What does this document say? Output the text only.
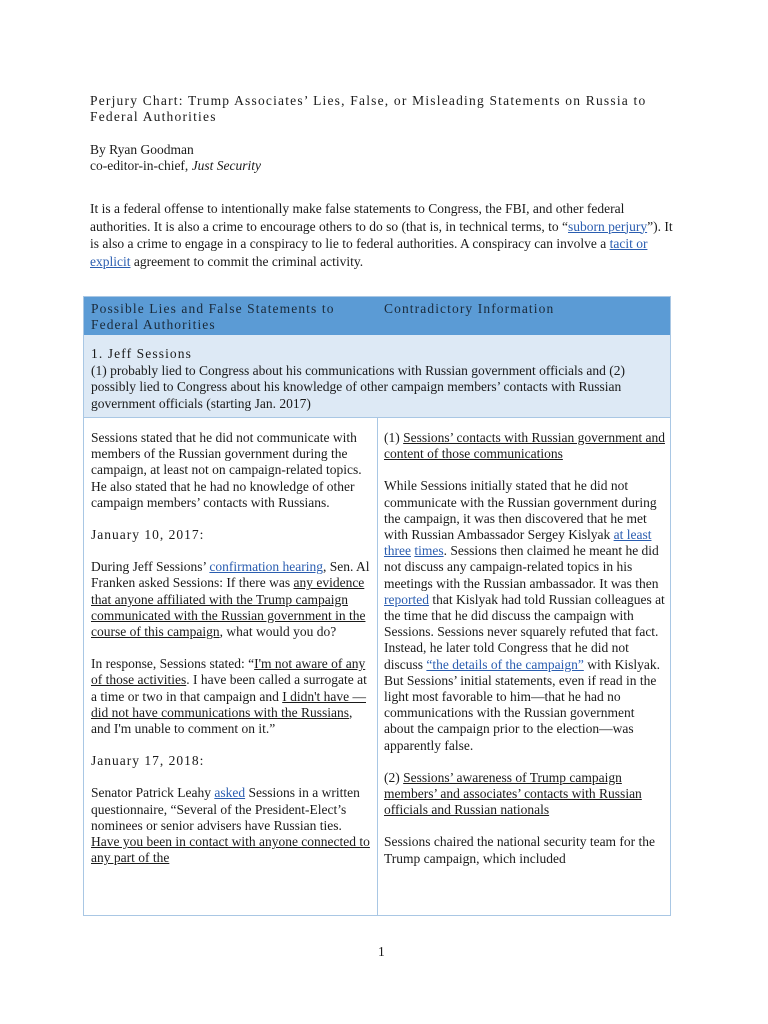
Perjury Chart: Trump Associates’ Lies, False, or Misleading Statements on Russia to Federal Authorities
By Ryan Goodman
co-editor-in-chief, Just Security
It is a federal offense to intentionally make false statements to Congress, the FBI, and other federal authorities. It is also a crime to encourage others to do so (that is, in technical terms, to “suborn perjury”). It is also a crime to engage in a conspiracy to lie to federal authorities. A conspiracy can involve a tacit or explicit agreement to commit the criminal activity.
Possible Lies and False Statements to Federal Authorities
Contradictory Information
1. Jeff Sessions
(1) probably lied to Congress about his communications with Russian government officials and (2) possibly lied to Congress about his knowledge of other campaign members’ contacts with Russian government officials (starting Jan. 2017)

Sessions stated that he did not communicate with members of the Russian government during the campaign, at least not on campaign-related topics. He also stated that he had no knowledge of other campaign members’ contacts with Russians.

January 10, 2017:

During Jeff Sessions’ confirmation hearing, Sen. Al Franken asked Sessions: If there was any evidence that anyone affiliated with the Trump campaign communicated with the Russian government in the course of this campaign, what would you do?

In response, Sessions stated: “I'm not aware of any of those activities. I have been called a surrogate at a time or two in that campaign and I didn't have — did not have communications with the Russians, and I'm unable to comment on it.”

January 17, 2018:

Senator Patrick Leahy asked Sessions in a written questionnaire, “Several of the President-Elect’s nominees or senior advisers have Russian ties. Have you been in contact with anyone connected to any part of the

(1) Sessions’ contacts with Russian government and content of those communications

While Sessions initially stated that he did not communicate with the Russian government during the campaign, it was then discovered that he met with Russian Ambassador Sergey Kislyak at least three times. Sessions then claimed he meant he did not discuss any campaign-related topics in his meetings with the Russian ambassador. It was then reported that Kislyak had told Russian colleagues at the time that he did discuss the campaign with Sessions. Sessions never squarely refuted that fact. Instead, he later told Congress that he did not discuss “the details of the campaign” with Kislyak. But Sessions’ initial statements, even if read in the light most favorable to him—that he had no communications with the Russian government about the campaign prior to the election—was apparently false.

(2) Sessions’ awareness of Trump campaign members’ and associates’ contacts with Russian officials and Russian nationals

Sessions chaired the national security team for the Trump campaign, which included

1
